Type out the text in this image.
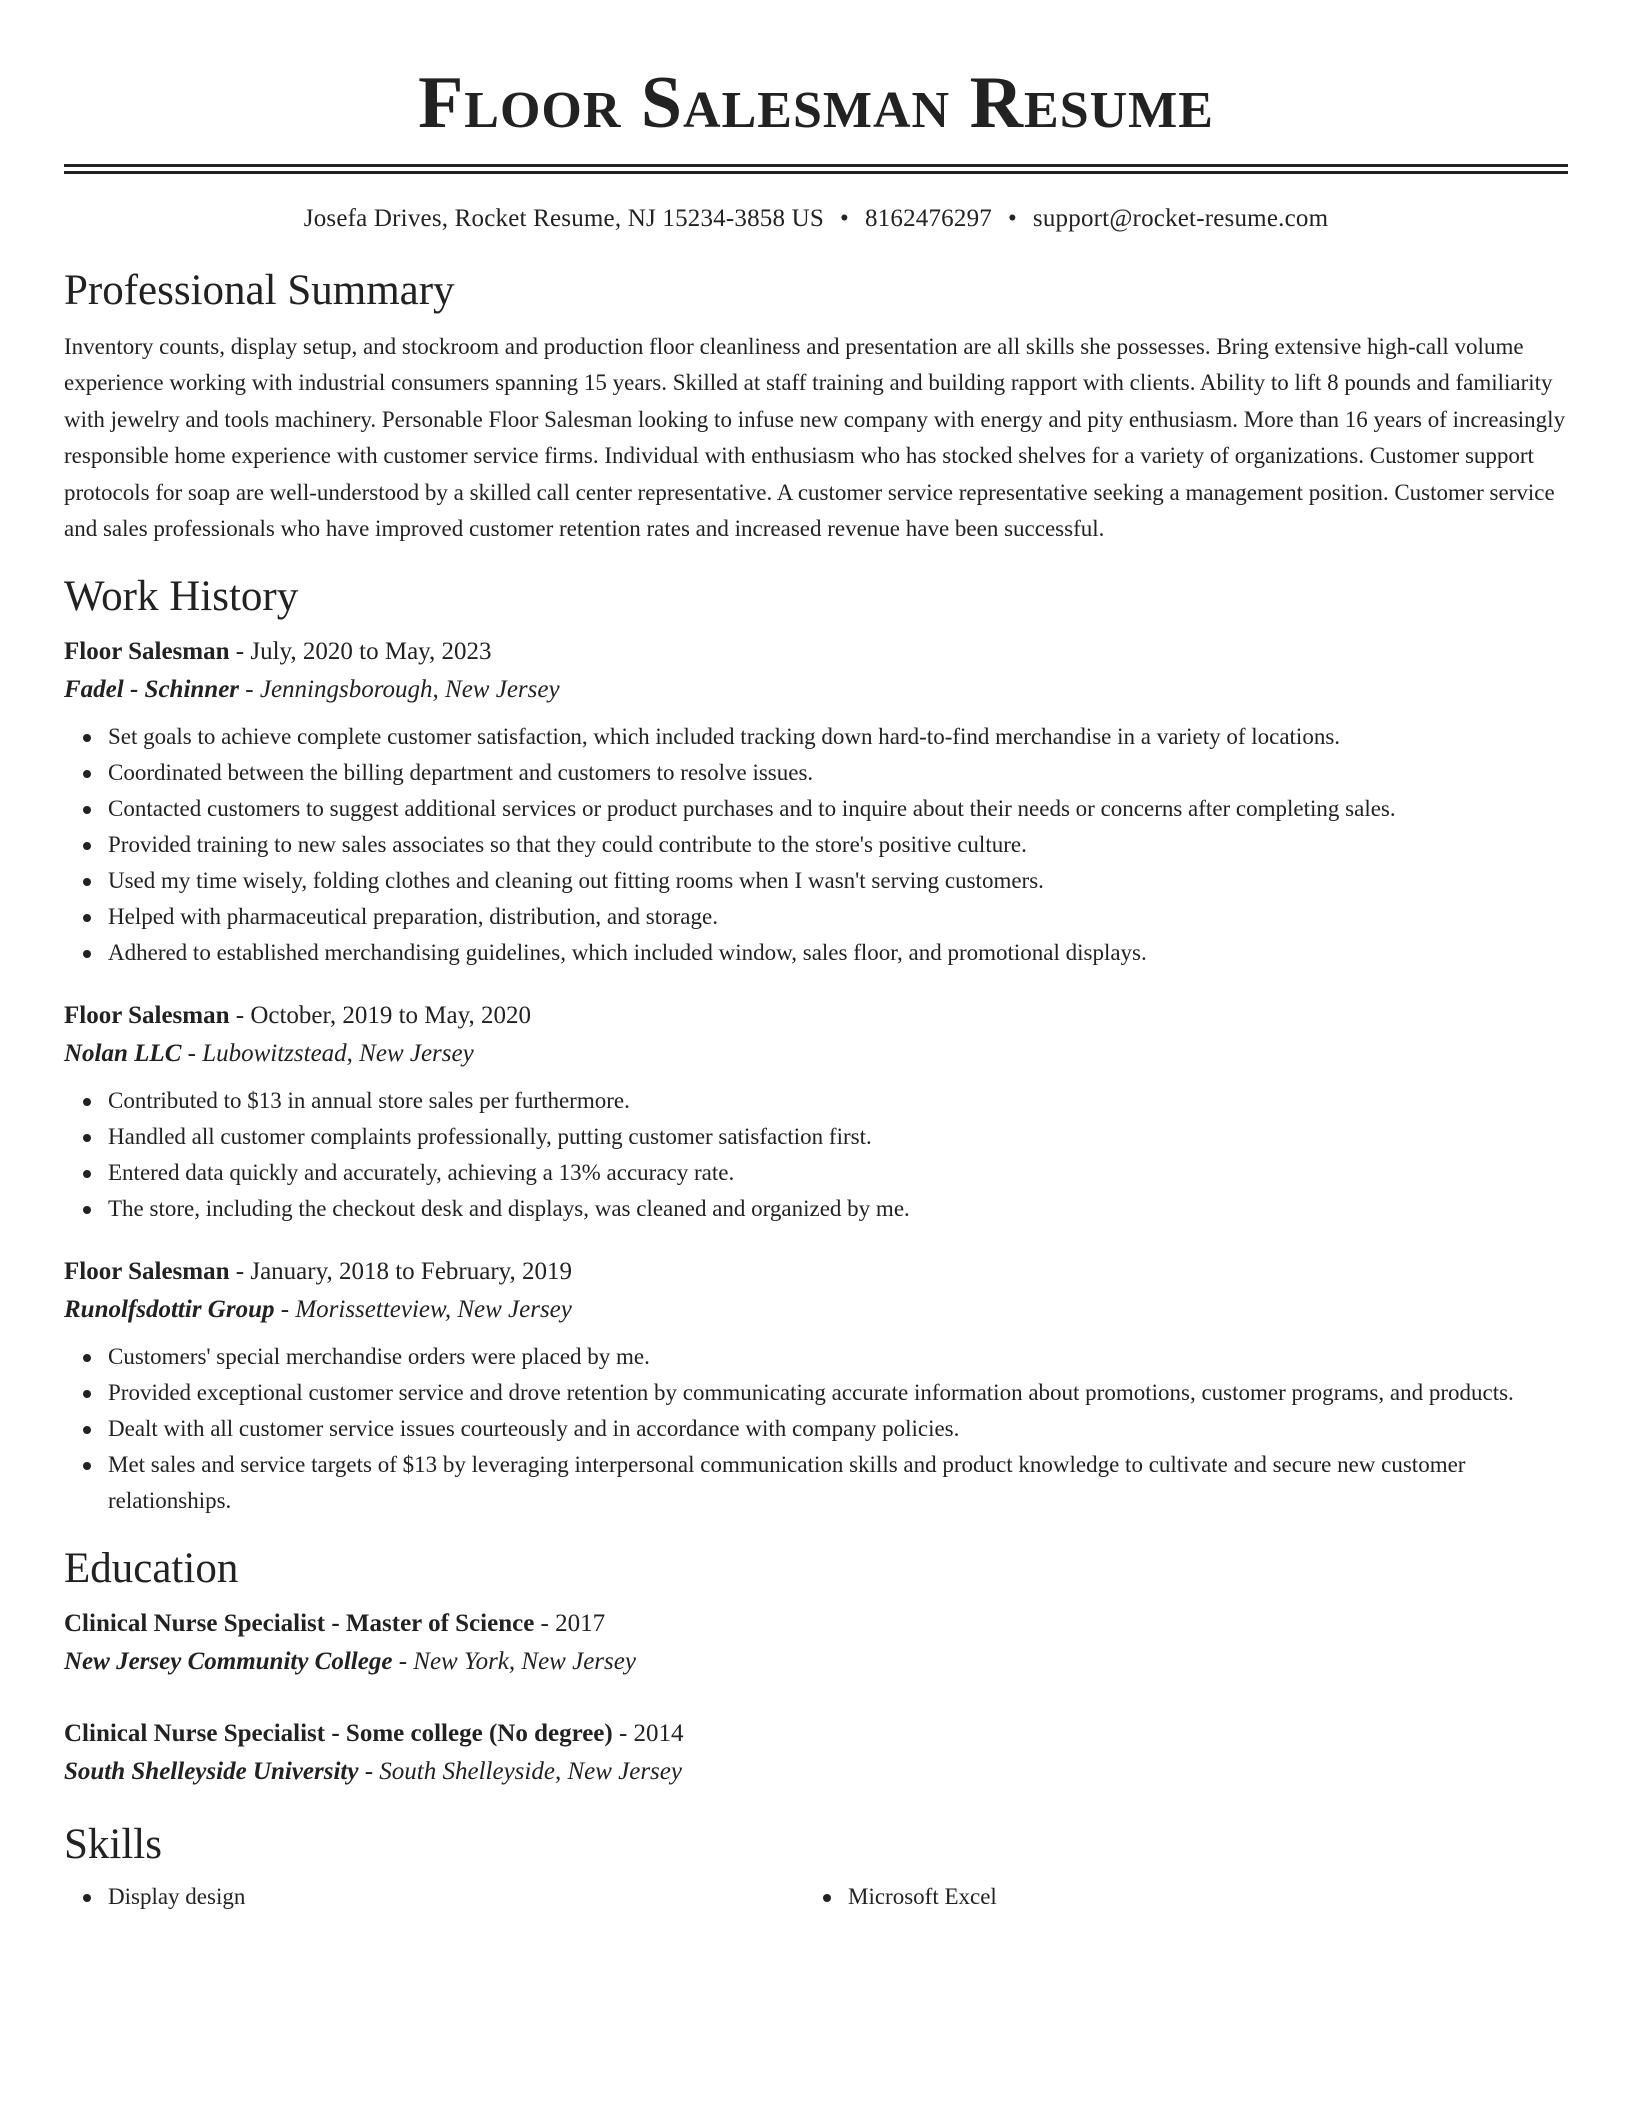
Floor Salesman Resume
Josefa Drives, Rocket Resume, NJ 15234-3858 US • 8162476297 • support@rocket-resume.com
Professional Summary

Inventory counts, display setup, and stockroom and production floor cleanliness and presentation are all skills she possesses. Bring extensive high-call volume experience working with industrial consumers spanning 15 years. Skilled at staff training and building rapport with clients. Ability to lift 8 pounds and familiarity with jewelry and tools machinery. Personable Floor Salesman looking to infuse new company with energy and pity enthusiasm. More than 16 years of increasingly responsible home experience with customer service firms. Individual with enthusiasm who has stocked shelves for a variety of organizations. Customer support protocols for soap are well-understood by a skilled call center representative. A customer service representative seeking a management position. Customer service and sales professionals who have improved customer retention rates and increased revenue have been successful.

Work History
Floor Salesman - July, 2020 to May, 2023
Fadel - Schinner - Jenningsborough, New Jersey
Set goals to achieve complete customer satisfaction, which included tracking down hard-to-find merchandise in a variety of locations.
Coordinated between the billing department and customers to resolve issues.
Contacted customers to suggest additional services or product purchases and to inquire about their needs or concerns after completing sales.
Provided training to new sales associates so that they could contribute to the store's positive culture.
Used my time wisely, folding clothes and cleaning out fitting rooms when I wasn't serving customers.
Helped with pharmaceutical preparation, distribution, and storage.
Adhered to established merchandising guidelines, which included window, sales floor, and promotional displays.
Floor Salesman - October, 2019 to May, 2020
Nolan LLC - Lubowitzstead, New Jersey
Contributed to $13 in annual store sales per furthermore.
Handled all customer complaints professionally, putting customer satisfaction first.
Entered data quickly and accurately, achieving a 13% accuracy rate.
The store, including the checkout desk and displays, was cleaned and organized by me.
Floor Salesman - January, 2018 to February, 2019
Runolfsdottir Group - Morissetteview, New Jersey
Customers' special merchandise orders were placed by me.
Provided exceptional customer service and drove retention by communicating accurate information about promotions, customer programs, and products.
Dealt with all customer service issues courteously and in accordance with company policies.
Met sales and service targets of $13 by leveraging interpersonal communication skills and product knowledge to cultivate and secure new customer relationships.
Education
Clinical Nurse Specialist - Master of Science - 2017
New Jersey Community College - New York, New Jersey
Clinical Nurse Specialist - Some college (No degree) - 2014
South Shelleyside University - South Shelleyside, New Jersey
Skills
Display design	Microsoft Excel
